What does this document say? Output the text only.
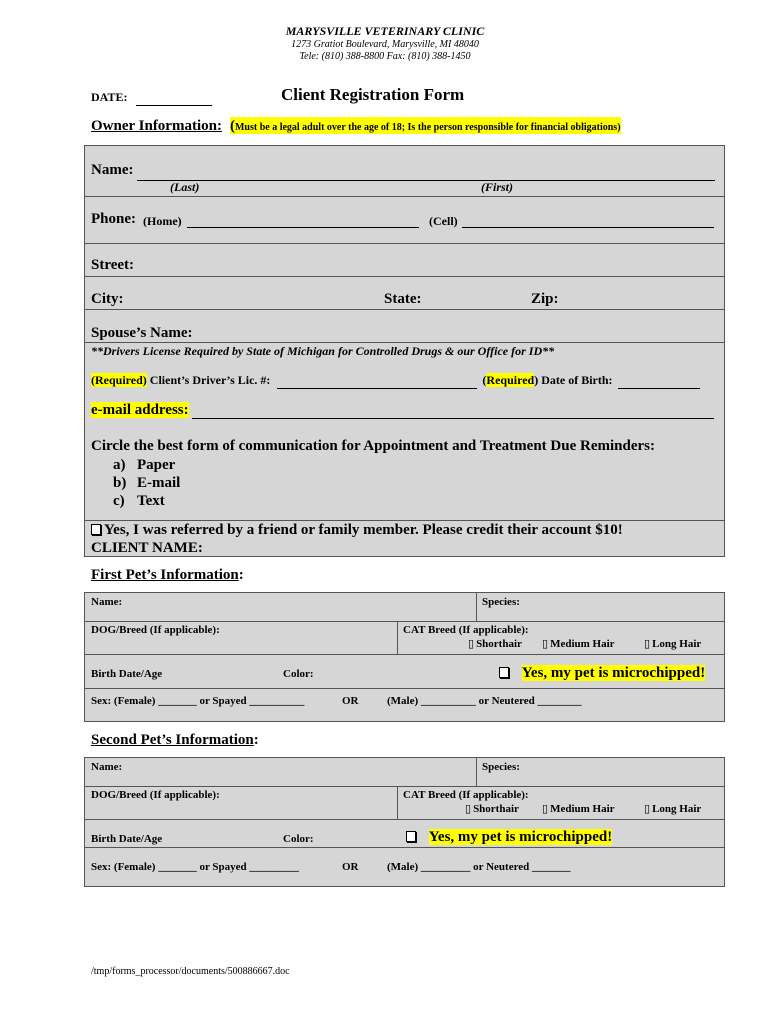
MARYSVILLE VETERINARY CLINIC
1273 Gratiot Boulevard, Marysville, MI 48040
Tele: (810) 388-8800 Fax: (810) 388-1450
DATE:	Client Registration Form
Owner Information: (Must be a legal adult over the age of 18; Is the person responsible for financial obligations)
Name:
(Last)	(First)
Phone: (Home)	(Cell)
Street:
City:	State:	Zip:
Spouse’s Name:
**Drivers License Required by State of Michigan for Controlled Drugs & our Office for ID**
(Required) Client’s Driver’s Lic. #:	(Required) Date of Birth:
e-mail address:
Circle the best form of communication for Appointment and Treatment Due Reminders:
a) Paper
b) E-mail
c) Text
Yes, I was referred by a friend or family member. Please credit their account $10!
CLIENT NAME:
First Pet’s Information:
Name:	Species:
DOG/Breed (If applicable):	CAT Breed (If applicable):
▯ Shorthair ▯ Medium Hair	▯ Long Hair
Birth Date/Age	Color:	Yes, my pet is microchipped!
Sex: (Female) _______ or Spayed __________	OR	(Male) __________ or Neutered ________
Second Pet’s Information:
Name:	Species:
DOG/Breed (If applicable):	CAT Breed (If applicable):
▯ Shorthair ▯ Medium Hair	▯ Long Hair
Birth Date/Age	Color:	Yes, my pet is microchipped!
Sex: (Female) _______ or Spayed _________	OR	(Male) _________ or Neutered _______
/tmp/forms_processor/documents/500886667.doc
